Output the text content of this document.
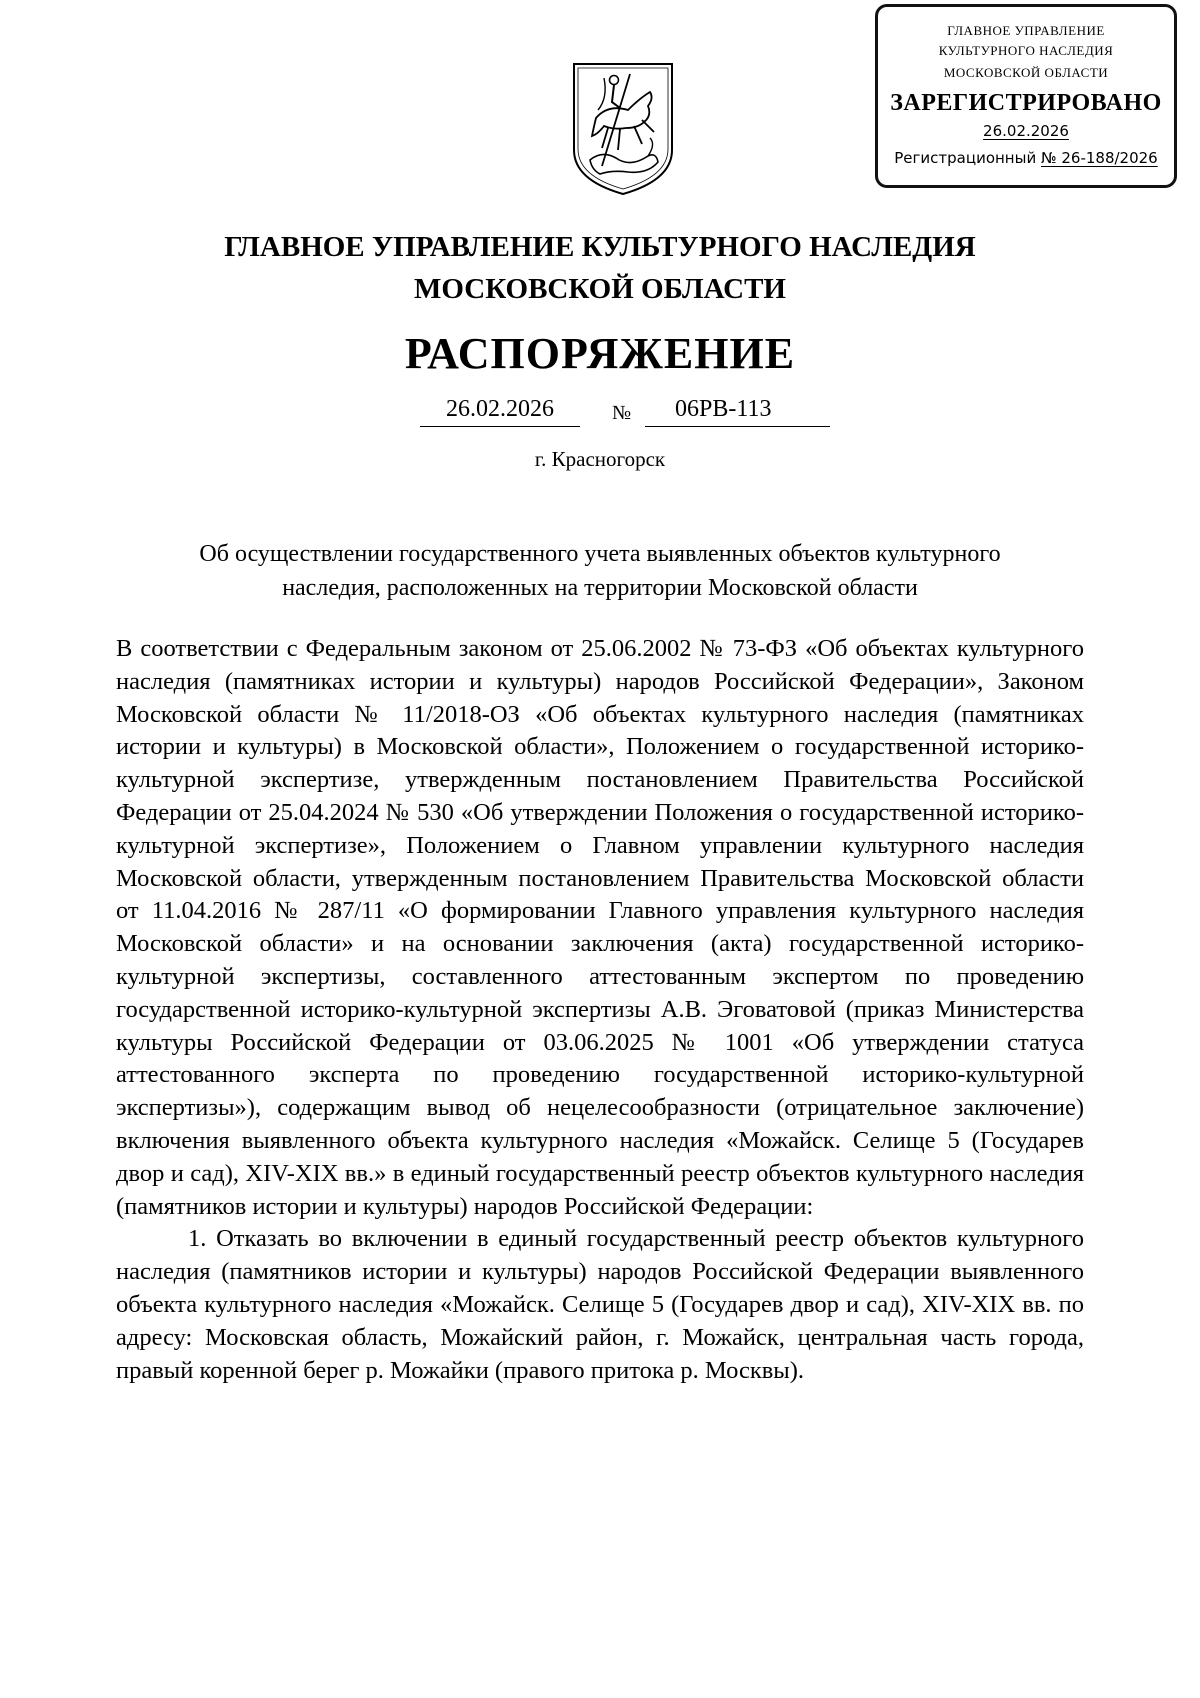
ГЛАВНОЕ УПРАВЛЕНИЕ
КУЛЬТУРНОГО НАСЛЕДИЯ
МОСКОВСКОЙ ОБЛАСТИ
ЗАРЕГИСТРИРОВАНО
26.02.2026
Регистрационный № 26-188/2026
ГЛАВНОЕ УПРАВЛЕНИЕ КУЛЬТУРНОГО НАСЛЕДИЯ
МОСКОВСКОЙ ОБЛАСТИ
РАСПОРЯЖЕНИЕ
26.02.2026	№	06РВ-113
г. Красногорск
Об осуществлении государственного учета выявленных объектов культурного
наследия, расположенных на территории Московской области

В соответствии с Федеральным законом от 25.06.2002 № 73-ФЗ «Об объектах культурного наследия (памятниках истории и культуры) народов Российской Федерации», Законом Московской области № 11/2018-ОЗ «Об объектах культурного наследия (памятниках истории и культуры) в Московской области», Положением о государственной историко-культурной экспертизе, утвержденным постановлением Правительства Российской Федерации от 25.04.2024 № 530 «Об утверждении Положения о государственной историко-культурной экспертизе», Положением о Главном управлении культурного наследия Московской области, утвержденным постановлением Правительства Московской области от 11.04.2016 № 287/11 «О формировании Главного управления культурного наследия Московской области» и на основании заключения (акта) государственной историко-культурной экспертизы, составленного аттестованным экспертом по проведению государственной историко-культурной экспертизы А.В. Эговатовой (приказ Министерства культуры Российской Федерации от 03.06.2025 № 1001 «Об утверждении статуса аттестованного эксперта по проведению государственной историко-культурной экспертизы»), содержащим вывод об нецелесообразности (отрицательное заключение) включения выявленного объекта культурного наследия «Можайск. Селище 5 (Государев двор и сад), XIV-XIX вв.» в единый государственный реестр объектов культурного наследия (памятников истории и культуры) народов Российской Федерации:

1. Отказать во включении в единый государственный реестр объектов культурного наследия (памятников истории и культуры) народов Российской Федерации выявленного объекта культурного наследия «Можайск. Селище 5 (Государев двор и сад), XIV-XIX вв. по адресу: Московская область, Можайский район, г. Можайск, центральная часть города, правый коренной берег р. Можайки (правого притока р. Москвы).
